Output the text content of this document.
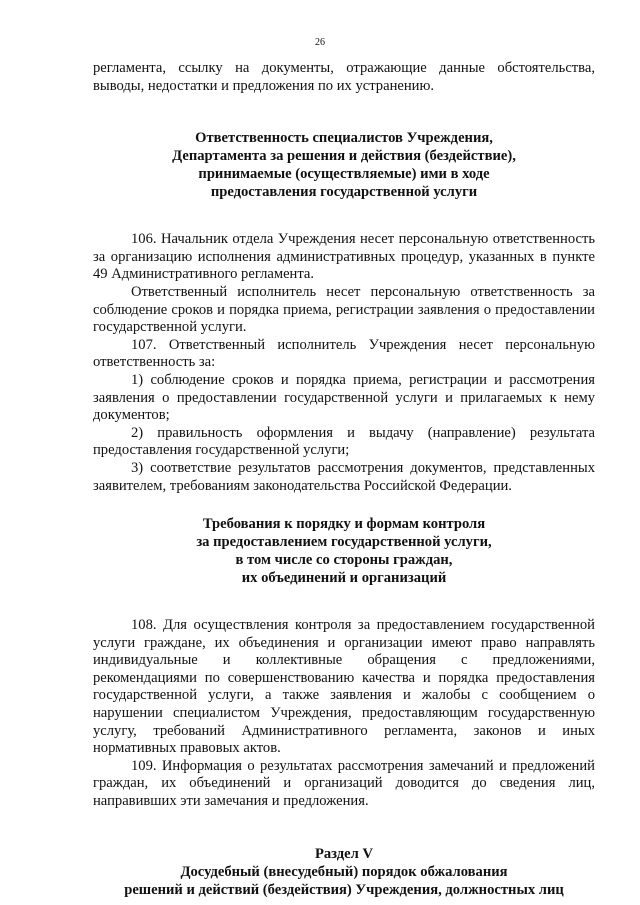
26

регламента, ссылку на документы, отражающие данные обстоятельства, выводы, недостатки и предложения по их устранению.

Ответственность специалистов Учреждения,

Департамента за решения и действия (бездействие),

принимаемые (осуществляемые) ими в ходе

предоставления государственной услуги

106. Начальник отдела Учреждения несет персональную ответственность за организацию исполнения административных процедур, указанных в пункте 49 Административного регламента.

Ответственный исполнитель несет персональную ответственность за соблюдение сроков и порядка приема, регистрации заявления о предоставлении государственной услуги.

107. Ответственный исполнитель Учреждения несет персональную ответственность за:

1) соблюдение сроков и порядка приема, регистрации и рассмотрения заявления о предоставлении государственной услуги и прилагаемых к нему документов;

2) правильность оформления и выдачу (направление) результата предоставления государственной услуги;

3) соответствие результатов рассмотрения документов, представленных заявителем, требованиям законодательства Российской Федерации.

Требования к порядку и формам контроля

за предоставлением государственной услуги,

в том числе со стороны граждан,

их объединений и организаций

108. Для осуществления контроля за предоставлением государственной услуги граждане, их объединения и организации имеют право направлять индивидуальные и коллективные обращения с предложениями, рекомендациями по совершенствованию качества и порядка предоставления государственной услуги, а также заявления и жалобы с сообщением о нарушении специалистом Учреждения, предоставляющим государственную услугу, требований Административного регламента, законов и иных нормативных правовых актов.

109. Информация о результатах рассмотрения замечаний и предложений граждан, их объединений и организаций доводится до сведения лиц, направивших эти замечания и предложения.

Раздел V

Досудебный (внесудебный) порядок обжалования

решений и действий (бездействия) Учреждения, должностных лиц
